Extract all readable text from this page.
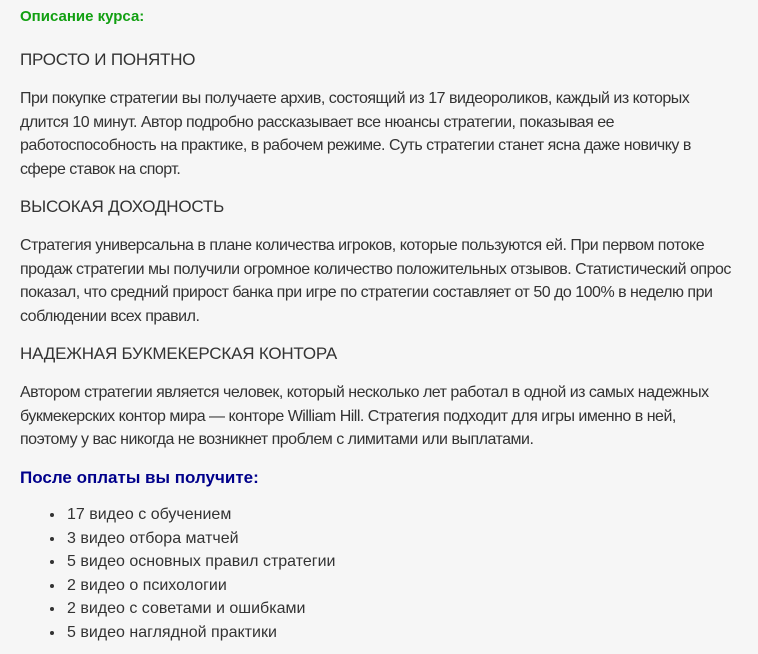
Описание курса:
ПРОСТО И ПОНЯТНО

При покупке стратегии вы получаете архив, состоящий из 17 видеороликов, каждый из которых длится 10 минут. Автор подробно рассказывает все нюансы стратегии, показывая ее работоспособность на практике, в рабочем режиме. Суть стратегии станет ясна даже новичку в сфере ставок на спорт.

ВЫСОКАЯ ДОХОДНОСТЬ

Стратегия универсальна в плане количества игроков, которые пользуются ей. При первом потоке продаж стратегии мы получили огромное количество положительных отзывов. Статистический опрос показал, что средний прирост банка при игре по стратегии составляет от 50 до 100% в неделю при соблюдении всех правил.

НАДЕЖНАЯ БУКМЕКЕРСКАЯ КОНТОРА

Автором стратегии является человек, который несколько лет работал в одной из самых надежных букмекерских контор мира — конторе William Hill. Стратегия подходит для игры именно в ней, поэтому у вас никогда не возникнет проблем с лимитами или выплатами.

После оплаты вы получите:
• 17 видео с обучением
• 3 видео отбора матчей
• 5 видео основных правил стратегии
• 2 видео о психологии
• 2 видео с советами и ошибками
• 5 видео наглядной практики
